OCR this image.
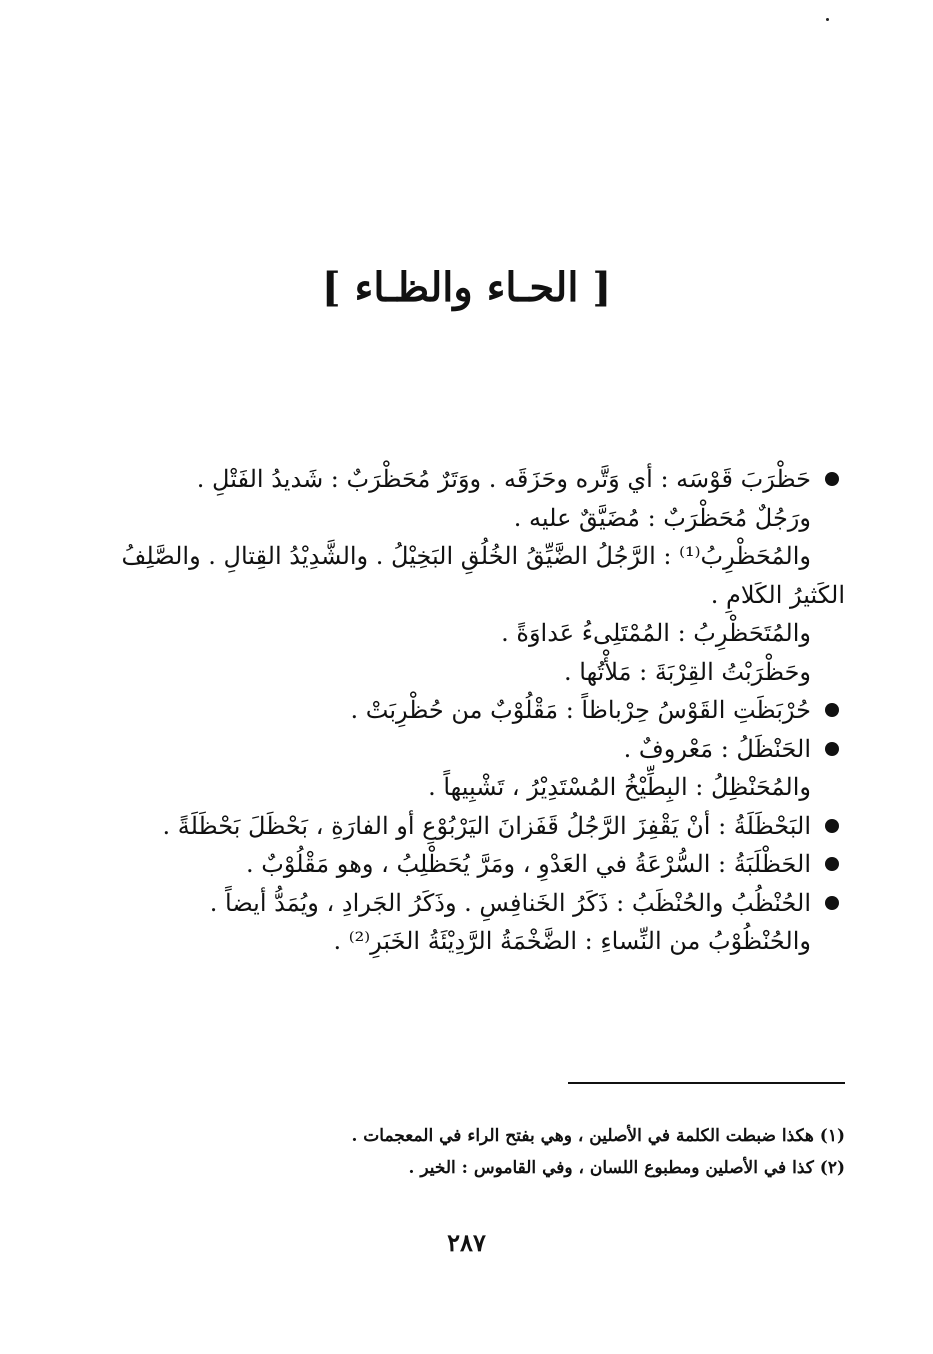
[ الحـاء والظـاء ]
حَظْرَبَ قَوْسَه : أي وَتَّره وحَزَقَه . ووَتَرٌ مُحَظْرَبٌ : شَديدُ الفَتْلِ .
ورَجُلٌ مُحَظْرَبٌ : مُضَيَّقٌ عليه .
والمُحَظْرِبُ⁽¹⁾ : الرَّجُلُ الضَّيِّقُ الخُلُقِ البَخِيْلُ . والشَّدِيْدُ القِتالِ . والصَّلِفُ
الكَثيرُ الكَلامِ .
والمُتَحَظْرِبُ : المُمْتَلِىءُ عَداوَةً .
وحَظْرَبْتُ القِرْبَةَ : مَلأْتُها .
حُرْبَظَتِ القَوْسُ حِرْباظاً : مَقْلُوْبٌ من حُظْرِبَتْ .
الحَنْظَلُ : مَعْروفٌ .
والمُحَنْظِلُ : البِطِّيْخُ المُسْتَدِيْرُ ، تَشْبِيهاً .
البَحْظَلَةُ : أنْ يَقْفِزَ الرَّجُلُ قَفَزانَ اليَرْبُوْعِ أو الفارَةِ ، بَحْظَلَ بَحْظَلَةً .
الحَظْلَبَةُ : السُّرْعَةُ في العَدْوِ ، ومَرَّ يُحَظْلِبُ ، وهو مَقْلُوْبٌ .
الحُنْظُبُ والحُنْظَبُ : ذَكَرُ الخَنافِسِ . وذَكَرُ الجَرادِ ، ويُمَدُّ أيضاً .
والحُنْظُوْبُ من النِّساءِ : الضَّخْمَةُ الرَّدِيْئَةُ الخَبَرِ⁽²⁾ .
(١) هكذا ضبطت الكلمة في الأصلين ، وهي بفتح الراء في المعجمات .
(٢) كذا في الأصلين ومطبوع اللسان ، وفي القاموس : الخير .
٢٨٧
